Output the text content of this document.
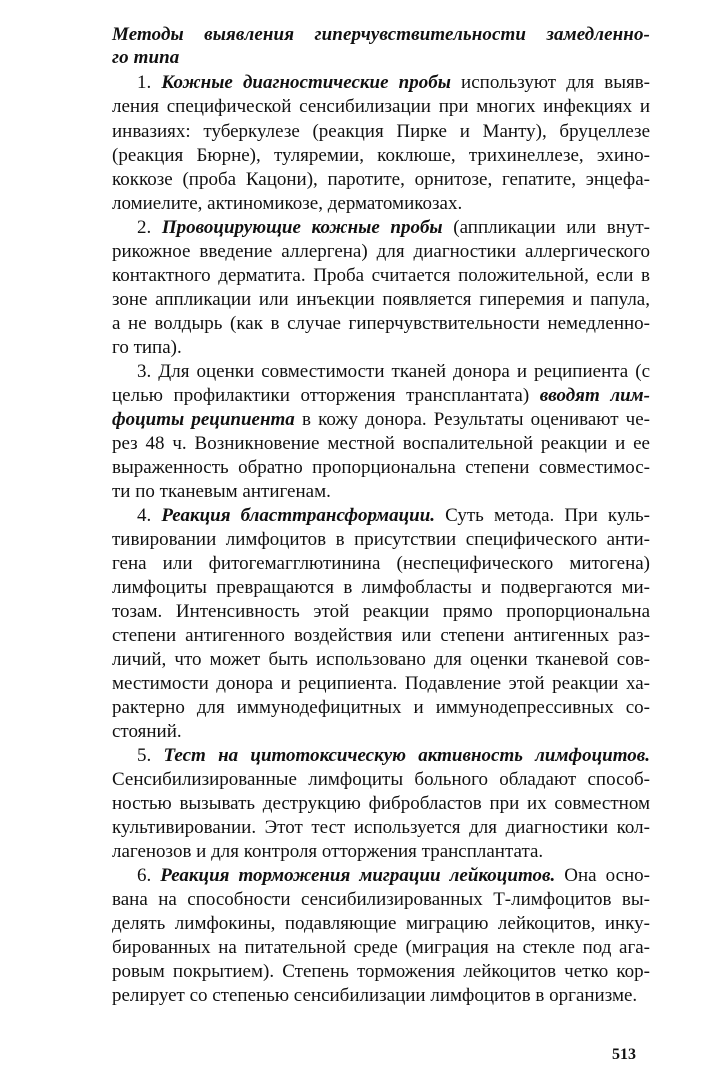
Методы выявления гиперчувствительности замедленно-
го типа
1. Кожные диагностические пробы используют для выяв-
ления специфической сенсибилизации при многих инфекциях и
инвазиях: туберкулезе (реакция Пирке и Манту), бруцеллезе
(реакция Бюрне), туляремии, коклюше, трихинеллезе, эхино-
коккозе (проба Кацони), паротите, орнитозе, гепатите, энцефа-
ломиелите, актиномикозе, дерматомикозах.
2. Провоцирующие кожные пробы (аппликации или внут-
рикожное введение аллергена) для диагностики аллергического
контактного дерматита. Проба считается положительной, если в
зоне аппликации или инъекции появляется гиперемия и папула,
а не волдырь (как в случае гиперчувствительности немедленно-
го типа).
3. Для оценки совместимости тканей донора и реципиента (с
целью профилактики отторжения трансплантата) вводят лим-
фоциты реципиента в кожу донора. Результаты оценивают че-
рез 48 ч. Возникновение местной воспалительной реакции и ее
выраженность обратно пропорциональна степени совместимос-
ти по тканевым антигенам.
4. Реакция бласттрансформации. Суть метода. При куль-
тивировании лимфоцитов в присутствии специфического анти-
гена или фитогемагглютинина (неспецифического митогена)
лимфоциты превращаются в лимфобласты и подвергаются ми-
тозам. Интенсивность этой реакции прямо пропорциональна
степени антигенного воздействия или степени антигенных раз-
личий, что может быть использовано для оценки тканевой сов-
местимости донора и реципиента. Подавление этой реакции ха-
рактерно для иммунодефицитных и иммунодепрессивных со-
стояний.
5. Тест на цитотоксическую активность лимфоцитов.
Сенсибилизированные лимфоциты больного обладают способ-
ностью вызывать деструкцию фибробластов при их совместном
культивировании. Этот тест используется для диагностики кол-
лагенозов и для контроля отторжения трансплантата.
6. Реакция торможения миграции лейкоцитов. Она осно-
вана на способности сенсибилизированных Т-лимфоцитов вы-
делять лимфокины, подавляющие миграцию лейкоцитов, инку-
бированных на питательной среде (миграция на стекле под ага-
ровым покрытием). Степень торможения лейкоцитов четко кор-
релирует со степенью сенсибилизации лимфоцитов в организме.
513
